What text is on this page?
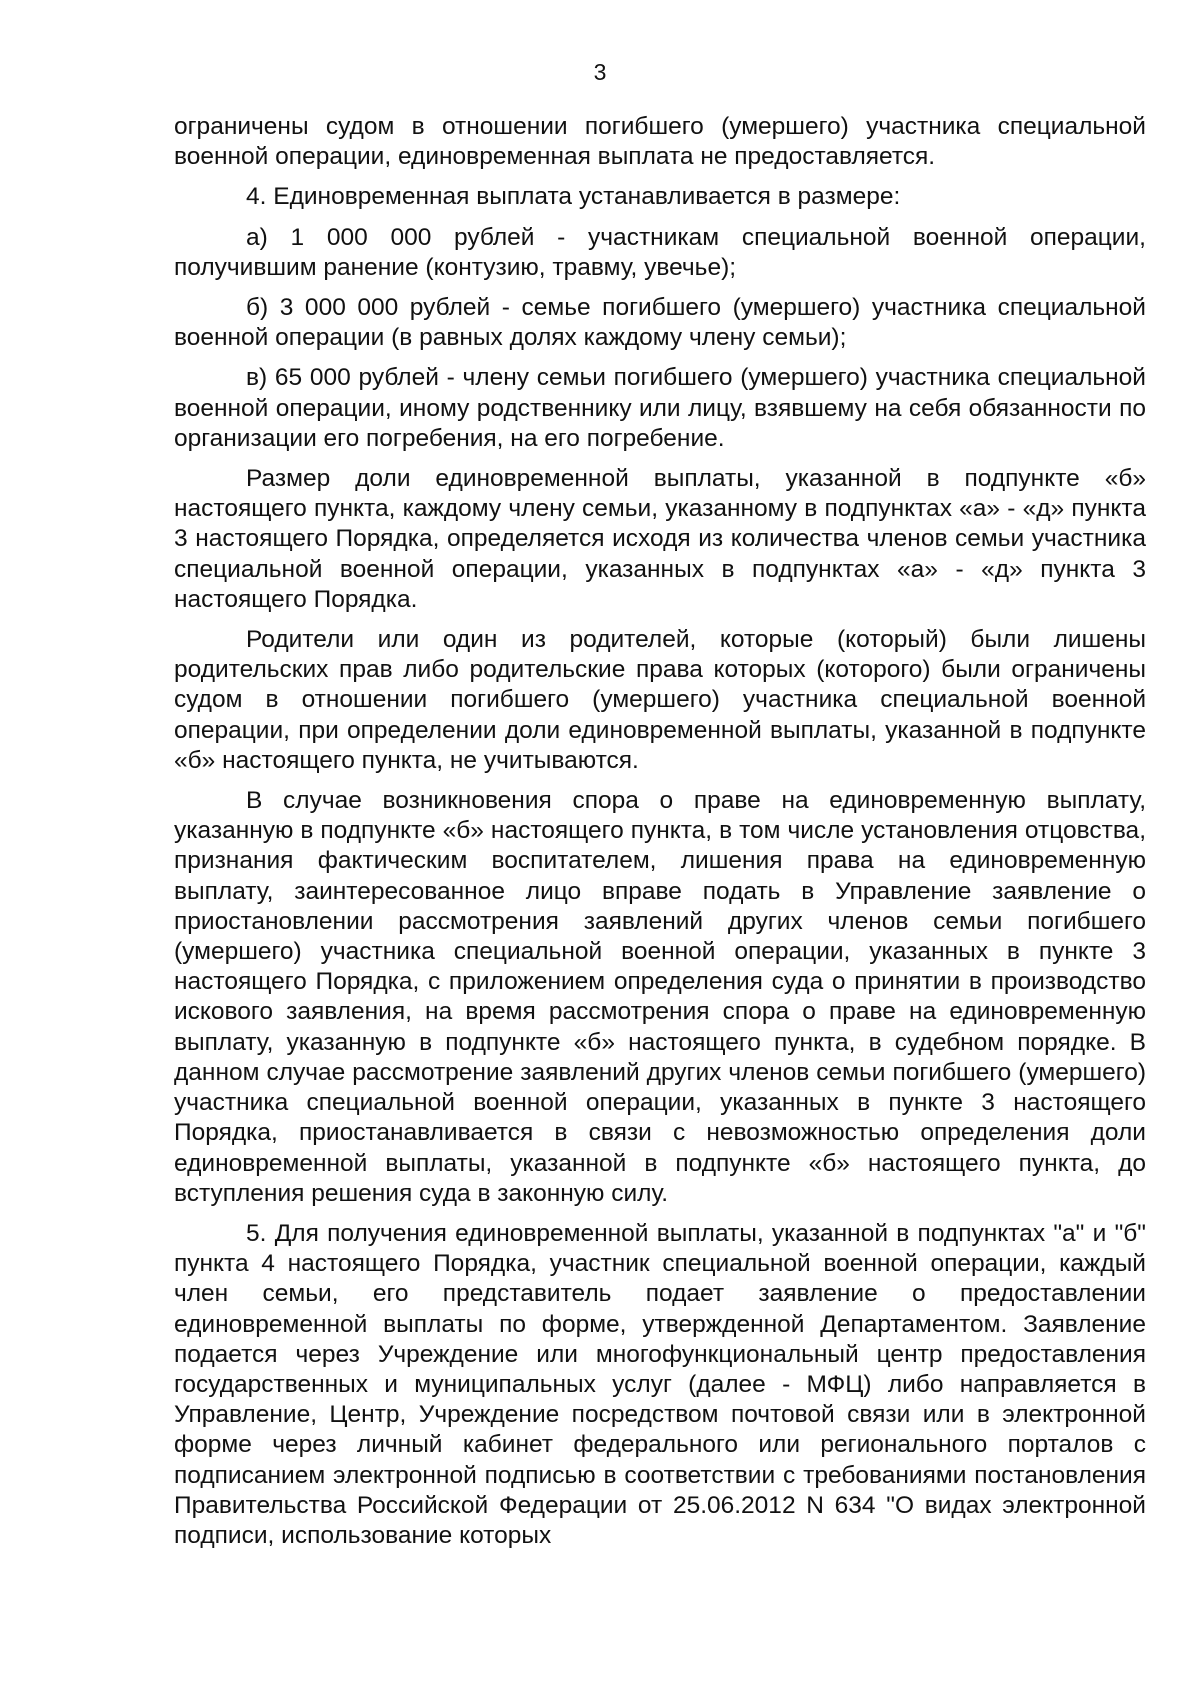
3

ограничены судом в отношении погибшего (умершего) участника специальной военной операции, единовременная выплата не предоставляется.

4. Единовременная выплата устанавливается в размере:

а) 1 000 000 рублей - участникам специальной военной операции, получившим ранение (контузию, травму, увечье);

б) 3 000 000 рублей - семье погибшего (умершего) участника специальной военной операции (в равных долях каждому члену семьи);

в) 65 000 рублей - члену семьи погибшего (умершего) участника специальной военной операции, иному родственнику или лицу, взявшему на себя обязанности по организации его погребения, на его погребение.

Размер доли единовременной выплаты, указанной в подпункте «б» настоящего пункта, каждому члену семьи, указанному в подпунктах «а» - «д» пункта 3 настоящего Порядка, определяется исходя из количества членов семьи участника специальной военной операции, указанных в подпунктах «а» - «д» пункта 3 настоящего Порядка.

Родители или один из родителей, которые (который) были лишены родительских прав либо родительские права которых (которого) были ограничены судом в отношении погибшего (умершего) участника специальной военной операции, при определении доли единовременной выплаты, указанной в подпункте «б» настоящего пункта, не учитываются.

В случае возникновения спора о праве на единовременную выплату, указанную в подпункте «б» настоящего пункта, в том числе установления отцовства, признания фактическим воспитателем, лишения права на единовременную выплату, заинтересованное лицо вправе подать в Управление заявление о приостановлении рассмотрения заявлений других членов семьи погибшего (умершего) участника специальной военной операции, указанных в пункте 3 настоящего Порядка, с приложением определения суда о принятии в производство искового заявления, на время рассмотрения спора о праве на единовременную выплату, указанную в подпункте «б» настоящего пункта, в судебном порядке. В данном случае рассмотрение заявлений других членов семьи погибшего (умершего) участника специальной военной операции, указанных в пункте 3 настоящего Порядка, приостанавливается в связи с невозможностью определения доли единовременной выплаты, указанной в подпункте «б» настоящего пункта, до вступления решения суда в законную силу.

5. Для получения единовременной выплаты, указанной в подпунктах "а" и "б" пункта 4 настоящего Порядка, участник специальной военной операции, каждый член семьи, его представитель подает заявление о предоставлении единовременной выплаты по форме, утвержденной Департаментом. Заявление подается через Учреждение или многофункциональный центр предоставления государственных и муниципальных услуг (далее - МФЦ) либо направляется в Управление, Центр, Учреждение посредством почтовой связи или в электронной форме через личный кабинет федерального или регионального порталов с подписанием электронной подписью в соответствии с требованиями постановления Правительства Российской Федерации от 25.06.2012 N 634 "О видах электронной подписи, использование которых
